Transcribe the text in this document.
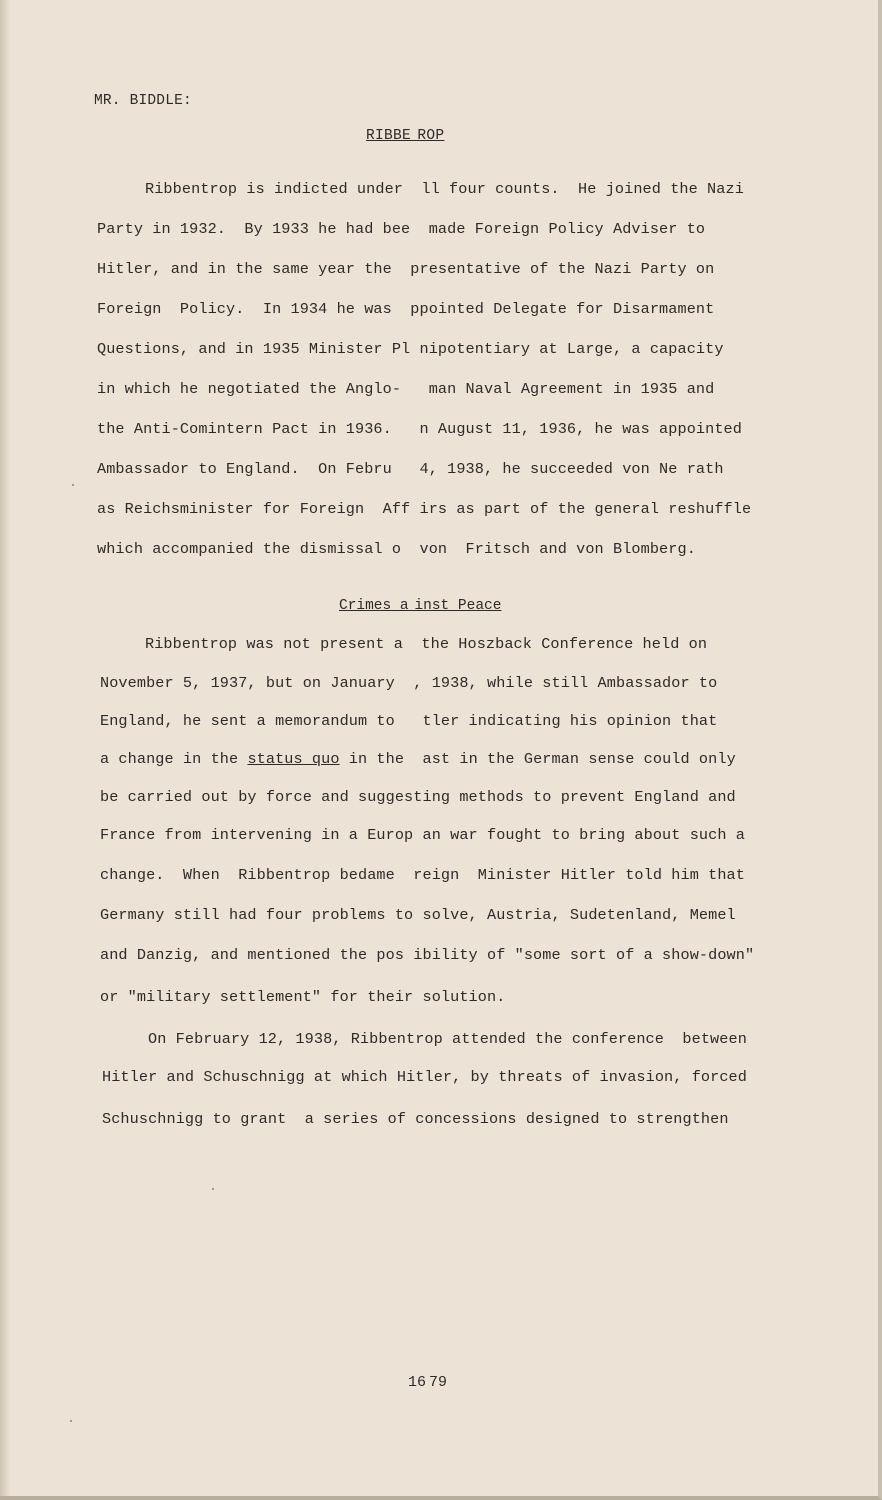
MR. BIDDLE:
RIBBE  ROP
Ribbentrop is indicted under  ll four counts.  He joined the Nazi
Party in 1932.  By 1933 he had bee  made Foreign Policy Adviser to
Hitler, and in the same year the  presentative of the Nazi Party on
Foreign  Policy.  In 1934 he was  ppointed Delegate for Disarmament
Questions, and in 1935 Minister Pl nipotentiary at Large, a capacity
in which he negotiated the Anglo-   man Naval Agreement in 1935 and
the Anti-Comintern Pact in 1936.   n August 11, 1936, he was appointed
Ambassador to England.  On Febru   4, 1938, he succeeded von Ne rath
as Reichsminister for Foreign  Aff irs as part of the general reshuffle
which accompanied the dismissal o  von  Fritsch and von Blomberg.
Crimes a  inst Peace
Ribbentrop was not present a  the Hoszback Conference held on
November 5, 1937, but on January  , 1938, while still Ambassador to
England, he sent a memorandum to   tler indicating his opinion that
a change in the status quo in the  ast in the German sense could only
be carried out by force and suggesting methods to prevent England and
France from intervening in a Europ an war fought to bring about such a
change.  When  Ribbentrop bedame  reign  Minister Hitler told him that
Germany still had four problems to solve, Austria, Sudetenland, Memel
and Danzig, and mentioned the pos ibility of "some sort of a show-down"
or "military settlement" for their solution.
On February 12, 1938, Ribbentrop attended the conference  between
Hitler and Schuschnigg at which Hitler, by threats of invasion, forced
Schuschnigg to grant  a series of concessions designed to strengthen
16 79
